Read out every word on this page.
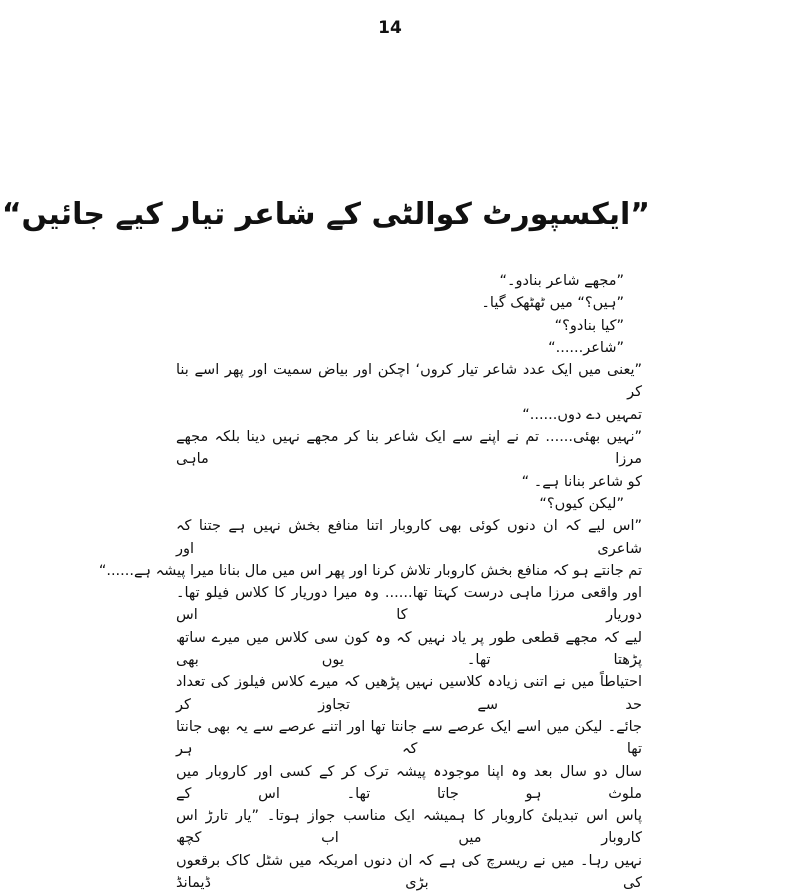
14
”ایکسپورٹ کوالٹی کے شاعر تیار کیے جائیں“
”مجھے شاعر بنادو۔“
”ہیں؟“ میں ٹھٹھک گیا۔
”کیا بنادو؟“
”شاعر......“
”یعنی میں ایک عدد شاعر تیار کروں‘ اچکن اور بیاض سمیت اور پھر اسے بنا کر
تمہیں دے دوں......“
”نہیں بھئی...... تم نے اپنے سے ایک شاعر بنا کر مجھے نہیں دینا بلکہ مجھے مرزا ماہی
کو شاعر بنانا ہے۔ “
”لیکن کیوں؟“
”اس لیے کہ ان دنوں کوئی بھی کاروبار اتنا منافع بخش نہیں ہے جتنا کہ شاعری اور
تم جانتے ہو کہ منافع بخش کاروبار تلاش کرنا اور پھر اس میں مال بنانا میرا پیشہ ہے......“
اور واقعی مرزا ماہی درست کہتا تھا...... وہ میرا دوریار کا کلاس فیلو تھا۔ دوریار کا اس
لیے کہ مجھے قطعی طور پر یاد نہیں کہ وہ کون سی کلاس میں میرے ساتھ پڑھتا تھا۔ یوں بھی
احتیاطاً میں نے اتنی زیادہ کلاسیں نہیں پڑھیں کہ میرے کلاس فیلوز کی تعداد حد سے تجاوز کر
جائے۔ لیکن میں اسے ایک عرصے سے جانتا تھا اور اتنے عرصے سے یہ بھی جانتا تھا کہ ہر
سال دو سال بعد وہ اپنا موجودہ پیشہ ترک کر کے کسی اور کاروبار میں ملوث ہو جاتا تھا۔ اس کے
پاس اس تبدیلیٔ کاروبار کا ہمیشہ ایک مناسب جواز ہوتا۔ ”یار تارڑ اس کاروبار میں اب کچھ
نہیں رہا۔ میں نے ریسرچ کی ہے کہ ان دنوں امریکہ میں شٹل کاک برقعوں کی بڑی ڈیمانڈ
